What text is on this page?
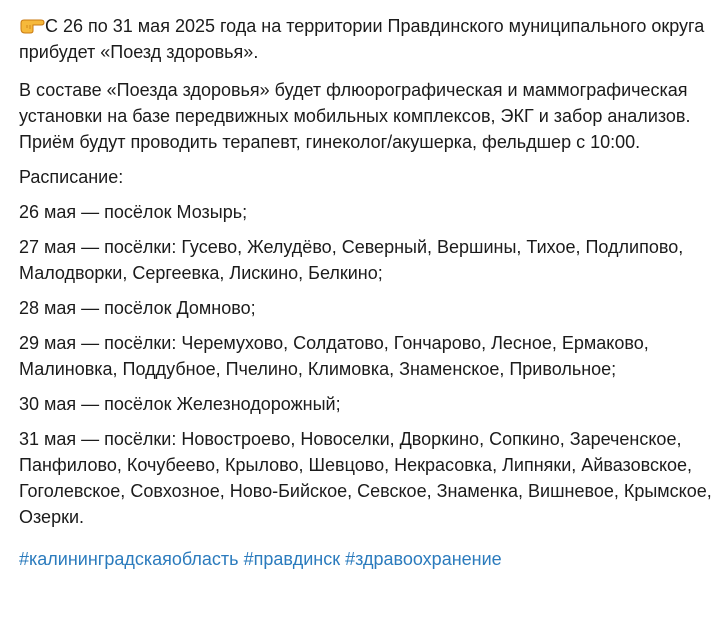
С 26 по 31 мая 2025 года на территории Правдинского муниципального округа прибудет «Поезд здоровья».

В составе «Поезда здоровья» будет флюорографическая и маммографическая установки на базе передвижных мобильных комплексов, ЭКГ и забор анализов. Приём будут проводить терапевт, гинеколог/акушерка, фельдшер с 10:00.

Расписание:

26 мая — посёлок Мозырь;

27 мая — посёлки: Гусево, Желудёво, Северный, Вершины, Тихое, Подлипово, Малодворки, Сергеевка, Лискино, Белкино;

28 мая — посёлок Домново;

29 мая — посёлки: Черемухово, Солдатово, Гончарово, Лесное, Ермаково, Малиновка, Поддубное, Пчелино, Климовка, Знаменское, Привольное;

30 мая — посёлок Железнодорожный;

31 мая — посёлки: Новостроево, Новоселки, Дворкино, Сопкино, Зареченское, Панфилово, Кочубеево, Крылово, Шевцово, Некрасовка, Липняки, Айвазовское, Гоголевское, Совхозное, Ново-Бийское, Севское, Знаменка, Вишневое, Крымское, Озерки.

#калининградскаяобласть #правдинск #здравоохранение
